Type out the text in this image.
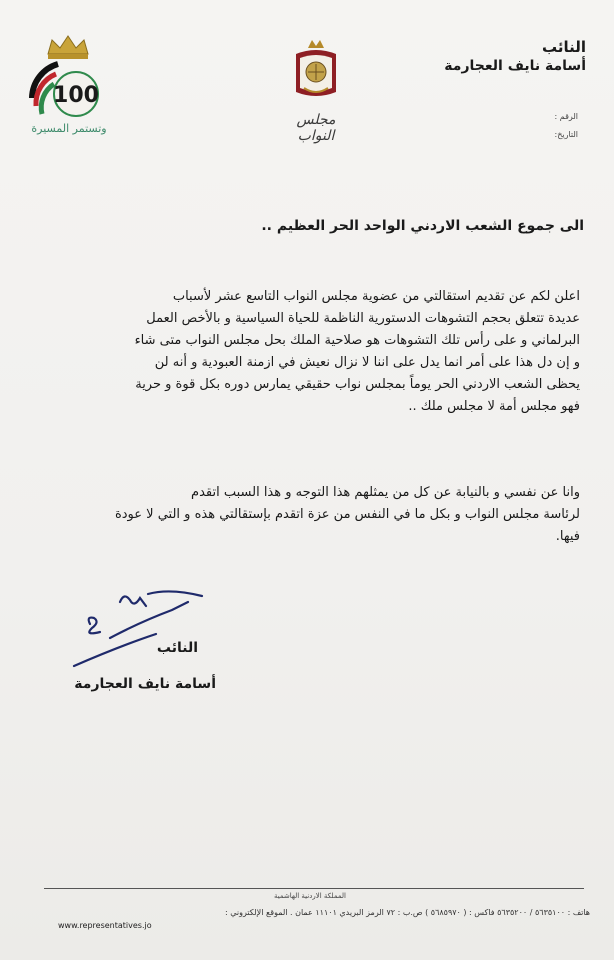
100
وتستمر المسيرة
مجلس النواب
النائب
أسامة نايف العجارمة
الرقم :
التاريخ:
الى جموع الشعب الاردني الواحد الحر العظيم ..
اعلن لكم عن تقديم استقالتي من عضوية مجلس النواب التاسع عشر لأسباب
عديدة تتعلق بحجم التشوهات الدستورية الناظمة للحياة السياسية و بالأخص العمل
البرلماني و على رأس تلك التشوهات هو صلاحية الملك بحل مجلس النواب متى شاء
و إن دل هذا على أمر انما يدل على اننا لا نزال نعيش في ازمنة العبودية و أنه لن
يحظى الشعب الاردني الحر يوماً بمجلس نواب حقيقي يمارس دوره بكل قوة و حرية
فهو مجلس أمة لا مجلس ملك ..
وانا عن نفسي و بالنيابة عن كل من يمثلهم هذا التوجه و هذا السبب اتقدم
لرئاسة مجلس النواب و بكل ما في النفس من عزة اتقدم بإستقالتي هذه و التي لا عودة
فيها.
النائب
أسامة نايف العجارمة
المملكة الاردنية الهاشمية
هاتف : ٥٦٣٥١٠٠ / ٥٦٣٥٢٠٠ فاكس : ( ٥٦٨٥٩٧٠ ) ص.ب : ٧٢ الرمز البريدي ١١١٠١ عمان . الموقع الإلكتروني :
www.representatives.jo
